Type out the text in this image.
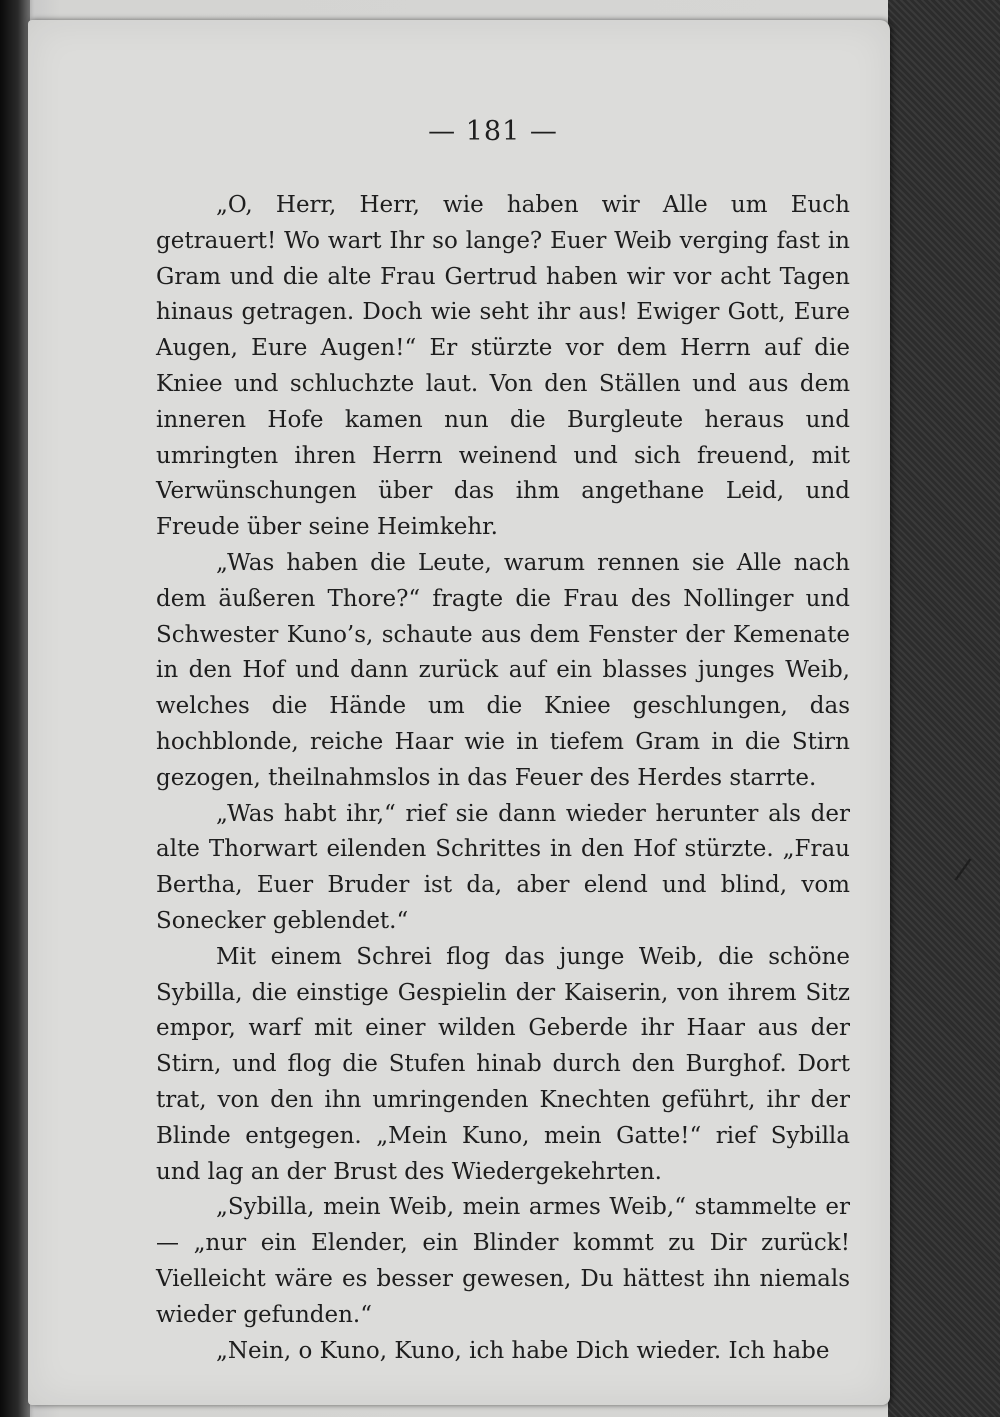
— 181 —

„O, Herr, Herr, wie haben wir Alle um Euch getrauert! Wo wart Ihr so lange? Euer Weib verging fast in Gram und die alte Frau Gertrud haben wir vor acht Tagen hinaus getragen. Doch wie seht ihr aus! Ewiger Gott, Eure Augen, Eure Augen!“ Er stürzte vor dem Herrn auf die Kniee und schluchzte laut. Von den Ställen und aus dem inneren Hofe kamen nun die Burgleute heraus und umringten ihren Herrn weinend und sich freuend, mit Verwünschungen über das ihm angethane Leid, und Freude über seine Heimkehr.

„Was haben die Leute, warum rennen sie Alle nach dem äußeren Thore?“ fragte die Frau des Nollinger und Schwester Kuno’s, schaute aus dem Fenster der Kemenate in den Hof und dann zurück auf ein blasses junges Weib, welches die Hände um die Kniee geschlungen, das hochblonde, reiche Haar wie in tiefem Gram in die Stirn gezogen, theilnahmslos in das Feuer des Herdes starrte.

„Was habt ihr,“ rief sie dann wieder herunter als der alte Thorwart eilenden Schrittes in den Hof stürzte. „Frau Bertha, Euer Bruder ist da, aber elend und blind, vom Sonecker geblendet.“

Mit einem Schrei flog das junge Weib, die schöne Sybilla, die einstige Gespielin der Kaiserin, von ihrem Sitz empor, warf mit einer wilden Geberde ihr Haar aus der Stirn, und flog die Stufen hinab durch den Burghof. Dort trat, von den ihn umringenden Knechten geführt, ihr der Blinde entgegen. „Mein Kuno, mein Gatte!“ rief Sybilla und lag an der Brust des Wiedergekehrten.

„Sybilla, mein Weib, mein armes Weib,“ stammelte er — „nur ein Elender, ein Blinder kommt zu Dir zurück! Vielleicht wäre es besser gewesen, Du hättest ihn niemals wieder gefunden.“

„Nein, o Kuno, Kuno, ich habe Dich wieder. Ich habe

/
